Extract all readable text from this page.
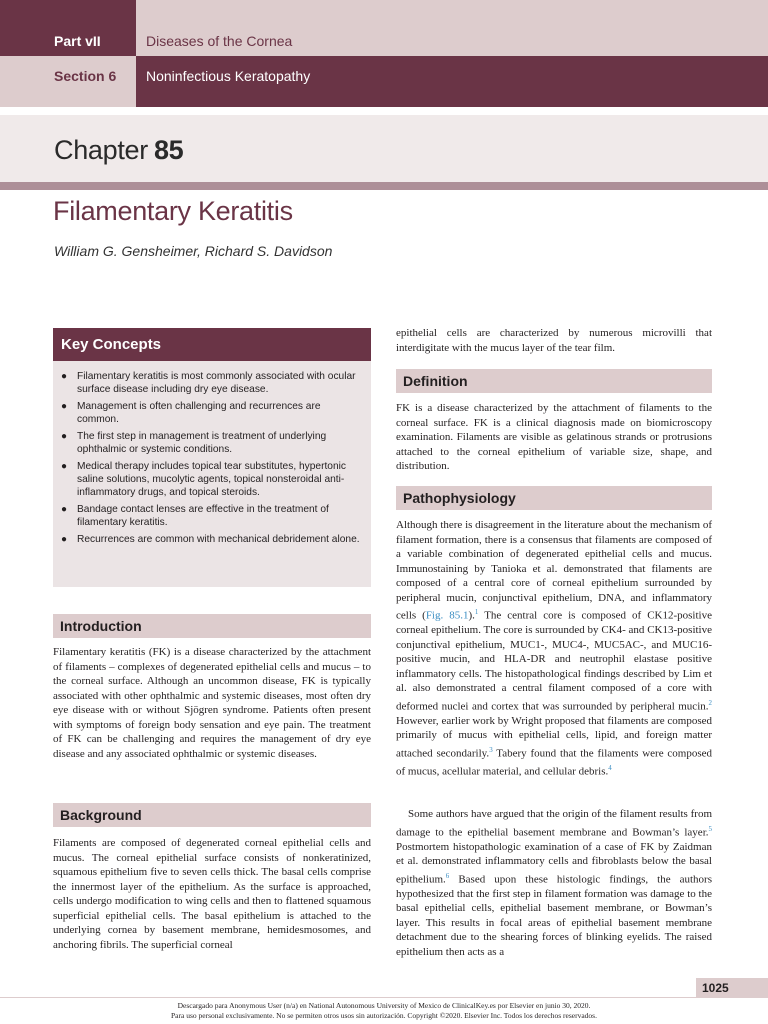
Part vII	Diseases of the Cornea
Section 6 Noninfectious Keratopathy
Chapter 85
Filamentary Keratitis
William G. Gensheimer, Richard S. Davidson
Key Concepts
● Filamentary keratitis is most commonly associated with ocular surface disease including dry eye disease.
● Management is often challenging and recurrences are common.
● The first step in management is treatment of underlying ophthalmic or systemic conditions.
● Medical therapy includes topical tear substitutes, hypertonic saline solutions, mucolytic agents, topical nonsteroidal anti-inflammatory drugs, and topical steroids.
● Bandage contact lenses are effective in the treatment of filamentary keratitis.
● Recurrences are common with mechanical debridement alone.
Introduction

Filamentary keratitis (FK) is a disease characterized by the attachment of filaments – complexes of degenerated epithelial cells and mucus – to the corneal surface. Although an uncommon disease, FK is typically associated with other ophthalmic and systemic diseases, most often dry eye disease with or without Sjögren syndrome. Patients often present with symptoms of foreign body sensation and eye pain. The treatment of FK can be challenging and requires the management of dry eye disease and any associated ophthalmic or systemic diseases.

Background

Filaments are composed of degenerated corneal epithelial cells and mucus. The corneal epithelial surface consists of nonkeratinized, squamous epithelium five to seven cells thick. The basal cells comprise the innermost layer of the epithelium. As the surface is approached, cells undergo modification to wing cells and then to flattened squamous superficial epithelial cells. The basal epithelium is attached to the underlying cornea by basement membrane, hemidesmosomes, and anchoring fibrils. The superficial corneal

epithelial cells are characterized by numerous microvilli that interdigitate with the mucus layer of the tear film.

Definition

FK is a disease characterized by the attachment of filaments to the corneal surface. FK is a clinical diagnosis made on biomicroscopy examination. Filaments are visible as gelatinous strands or protrusions attached to the corneal epithelium of variable size, shape, and distribution.

Pathophysiology

Although there is disagreement in the literature about the mechanism of filament formation, there is a consensus that filaments are composed of a variable combination of degenerated epithelial cells and mucus. Immunostaining by Tanioka et al. demonstrated that filaments are composed of a central core of corneal epithelium surrounded by peripheral mucin, conjunctival epithelium, DNA, and inflammatory cells (Fig. 85.1).$^1$ The central core is composed of CK12-positive corneal epithelium. The core is surrounded by CK4- and CK13-positive conjunctival epithelium, MUC1-, MUC4-, MUC5AC-, and MUC16-positive mucin, and HLA-DR and neutrophil elastase positive inflammatory cells. The histopathological findings described by Lim et al. also demonstrated a central filament composed of a core with deformed nuclei and cortex that was surrounded by peripheral mucin.$^2$ However, earlier work by Wright proposed that filaments are composed primarily of mucus with epithelial cells, lipid, and foreign matter attached secondarily.$^3$ Tabery found that the filaments were composed of mucus, acellular material, and cellular debris.$^4$

Some authors have argued that the origin of the filament results from damage to the epithelial basement membrane and Bowman’s layer.$^5$ Postmortem histopathologic examination of a case of FK by Zaidman et al. demonstrated inflammatory cells and fibroblasts below the basal epithelium.$^6$ Based upon these histologic findings, the authors hypothesized that the first step in filament formation was damage to the basal epithelial cells, epithelial basement membrane, or Bowman’s layer. This results in focal areas of epithelial basement membrane detachment due to the shearing forces of blinking eyelids. The raised epithelium then acts as a

1025
Descargado para Anonymous User (n/a) en National Autonomous University of Mexico de ClinicalKey.es por Elsevier en junio 30, 2020.
Para uso personal exclusivamente. No se permiten otros usos sin autorización. Copyright ©2020. Elsevier Inc. Todos los derechos reservados.
